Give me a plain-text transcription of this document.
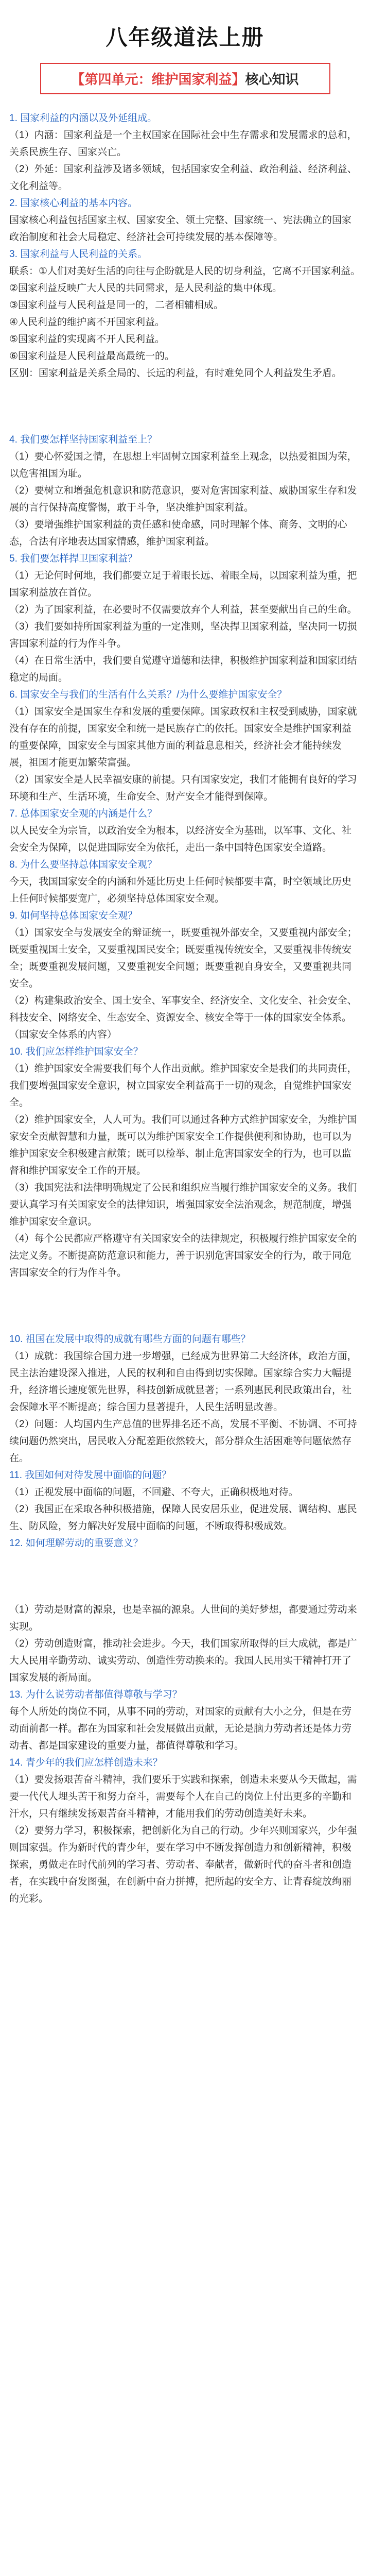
八年级道法上册
【第四单元：维护国家利益】核心知识

1. 国家利益的内涵以及外延组成。

（1）内涵：国家利益是一个主权国家在国际社会中生存需求和发展需求的总和，关系民族生存、国家兴亡。

（2）外延：国家利益涉及诸多领域，包括国家安全利益、政治利益、经济利益、文化利益等。

2. 国家核心利益的基本内容。

国家核心利益包括国家主权、国家安全、领土完整、国家统一、宪法确立的国家政治制度和社会大局稳定、经济社会可持续发展的基本保障等。

3. 国家利益与人民利益的关系。

联系：①人们对美好生活的向往与企盼就是人民的切身利益，它离不开国家利益。

②国家利益反映广大人民的共同需求，是人民利益的集中体现。

③国家利益与人民利益是同一的，二者相辅相成。

④人民利益的维护离不开国家利益。

⑤国家利益的实现离不开人民利益。

⑥国家利益是人民利益最高最统一的。

区别：国家利益是关系全局的、长远的利益，有时难免同个人利益发生矛盾。

4. 我们要怎样坚持国家利益至上？

（1）要心怀爱国之情，在思想上牢固树立国家利益至上观念，以热爱祖国为荣，以危害祖国为耻。

（2）要树立和增强危机意识和防范意识，要对危害国家利益、威胁国家生存和发展的言行保持高度警惕，敢于斗争，坚决维护国家利益。

（3）要增强维护国家利益的责任感和使命感，同时理解个体、商务、文明的心态，合法有序地表达国家情感，维护国家利益。

5. 我们要怎样捍卫国家利益？

（1）无论何时何地，我们都要立足于着眼长远、着眼全局，以国家利益为重，把国家利益放在首位。

（2）为了国家利益，在必要时不仅需要放弃个人利益，甚至要献出自己的生命。

（3）我们要如持所国家利益为重的一定准则，坚决捍卫国家利益，坚决同一切损害国家利益的行为作斗争。

（4）在日常生活中，我们要自觉遵守道德和法律，积极维护国家利益和国家团结稳定的局面。

6. 国家安全与我们的生活有什么关系？/为什么要维护国家安全？

（1）国家安全是国家生存和发展的重要保障。国家政权和主权受到威胁，国家就没有存在的前提，国家安全和统一是民族存亡的依托。国家安全是维护国家利益的重要保障，国家安全与国家其他方面的利益息息相关，经济社会才能持续发展，祖国才能更加繁荣富强。

（2）国家安全是人民幸福安康的前提。只有国家安定，我们才能拥有良好的学习环境和生产、生活环境，生命安全、财产安全才能得到保障。

7. 总体国家安全观的内涵是什么？

以人民安全为宗旨，以政治安全为根本，以经济安全为基础，以军事、文化、社会安全为保障，以促进国际安全为依托，走出一条中国特色国家安全道路。

8. 为什么要坚持总体国家安全观？

今天，我国国家安全的内涵和外延比历史上任何时候都要丰富，时空领域比历史上任何时候都要宽广，必须坚持总体国家安全观。

9. 如何坚持总体国家安全观？

（1）国家安全与发展安全的辩证统一，既要重视外部安全，又要重视内部安全；既要重视国土安全，又要重视国民安全；既要重视传统安全，又要重视非传统安全；既要重视发展问题，又要重视安全问题；既要重视自身安全，又要重视共同安全。

（2）构建集政治安全、国土安全、军事安全、经济安全、文化安全、社会安全、科技安全、网络安全、生态安全、资源安全、核安全等于一体的国家安全体系。（国家安全体系的内容）

10. 我们应怎样维护国家安全？

（1）维护国家安全需要我们每个人作出贡献。维护国家安全是我们的共同责任，我们要增强国家安全意识，树立国家安全利益高于一切的观念，自觉维护国家安全。

（2）维护国家安全，人人可为。我们可以通过各种方式维护国家安全，为维护国家安全贡献智慧和力量，既可以为维护国家安全工作提供便利和协助，也可以为维护国家安全积极建言献策；既可以检举、制止危害国家安全的行为，也可以监督和维护国家安全工作的开展。

（3）我国宪法和法律明确规定了公民和组织应当履行维护国家安全的义务。我们要认真学习有关国家安全的法律知识，增强国家安全法治观念，规范制度，增强维护国家安全意识。

（4）每个公民都应严格遵守有关国家安全的法律规定，积极履行维护国家安全的法定义务。不断提高防范意识和能力，善于识别危害国家安全的行为，敢于同危害国家安全的行为作斗争。

10. 祖国在发展中取得的成就有哪些方面的问题有哪些？

（1）成就：我国综合国力进一步增强，已经成为世界第二大经济体，政治方面，民主法治建设深入推进，人民的权利和自由得到切实保障。国家综合实力大幅提升，经济增长速度领先世界，科技创新成就显著；一系列惠民利民政策出台，社会保障水平不断提高；综合国力显著提升，人民生活明显改善。

（2）问题：人均国内生产总值的世界排名还不高，发展不平衡、不协调、不可持续问题仍然突出，居民收入分配差距依然较大，部分群众生活困难等问题依然存在。

11. 我国如何对待发展中面临的问题？

（1）正视发展中面临的问题，不回避、不夸大，正确积极地对待。

（2）我国正在采取各种积极措施，保障人民安居乐业，促进发展、调结构、惠民生、防风险，努力解决好发展中面临的问题，不断取得积极成效。

12. 如何理解劳动的重要意义？

（1）劳动是财富的源泉，也是幸福的源泉。人世间的美好梦想，都要通过劳动来实现。

（2）劳动创造财富，推动社会进步。今天，我们国家所取得的巨大成就，都是广大人民用辛勤劳动、诚实劳动、创造性劳动换来的。我国人民用实干精神打开了国家发展的新局面。

13. 为什么说劳动者都值得尊敬与学习？

每个人所处的岗位不同，从事不同的劳动，对国家的贡献有大小之分，但是在劳动面前都一样。都在为国家和社会发展做出贡献，无论是脑力劳动者还是体力劳动者、都是国家建设的重要力量，都值得尊敬和学习。

14. 青少年的我们应怎样创造未来？

（1）要发扬艰苦奋斗精神，我们要乐于实践和探索，创造未来要从今天做起，需要一代代人埋头苦干和努力奋斗，需要每个人在自己的岗位上付出更多的辛勤和汗水，只有继续发扬艰苦奋斗精神，才能用我们的劳动创造美好未来。

（2）要努力学习，积极探索，把创新化为自己的行动。少年兴则国家兴，少年强则国家强。作为新时代的青少年，要在学习中不断发挥创造力和创新精神，积极探索，勇做走在时代前列的学习者、劳动者、奉献者，做新时代的奋斗者和创造者，在实践中奋发图强，在创新中奋力拼搏，把所起的安全方、让青春绽放绚丽的光彩。
